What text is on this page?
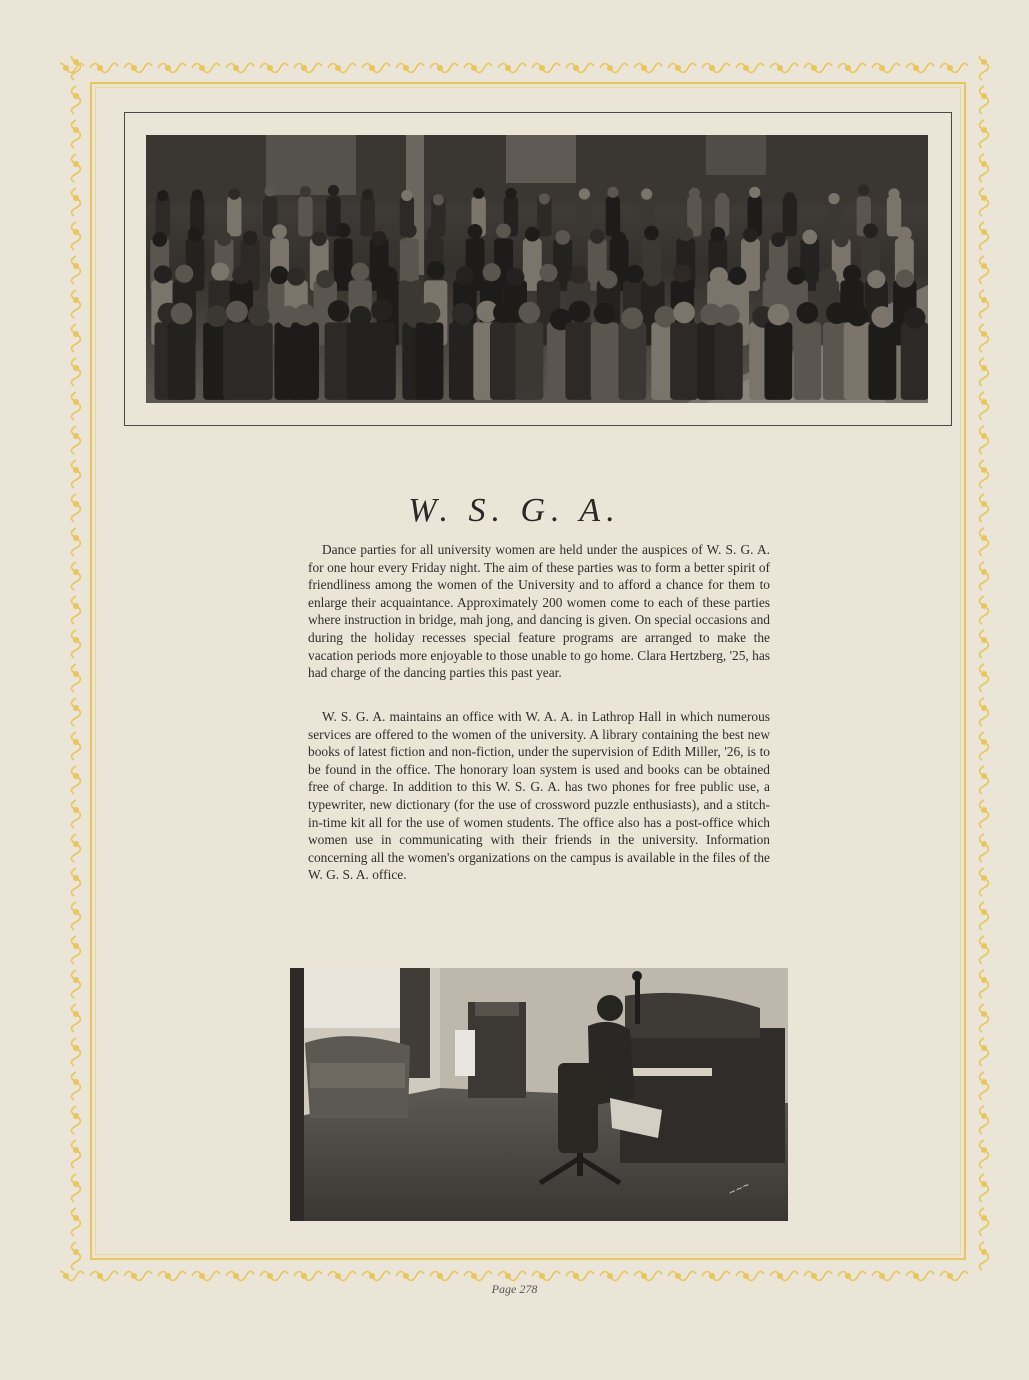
W. S. G. A.

Dance parties for all university women are held under the auspices of W. S. G. A. for one hour every Friday night. The aim of these parties was to form a better spirit of friendliness among the women of the University and to afford a chance for them to enlarge their acquaintance. Approximately 200 women come to each of these parties where instruction in bridge, mah jong, and dancing is given. On special occasions and during the holiday recesses special feature programs are arranged to make the vacation periods more enjoyable to those unable to go home. Clara Hertzberg, '25, has had charge of the dancing parties this past year.

W. S. G. A. maintains an office with W. A. A. in Lathrop Hall in which numerous services are offered to the women of the university. A library containing the best new books of latest fiction and non-fiction, under the supervision of Edith Miller, '26, is to be found in the office. The honorary loan system is used and books can be obtained free of charge. In addition to this W. S. G. A. has two phones for free public use, a typewriter, new dictionary (for the use of crossword puzzle enthusiasts), and a stitch-in-time kit all for the use of women students. The office also has a post-office which women use in communicating with their friends in the university. Information concerning all the women's organizations on the campus is available in the files of the W. G. S. A. office.

~~~
Page 278
